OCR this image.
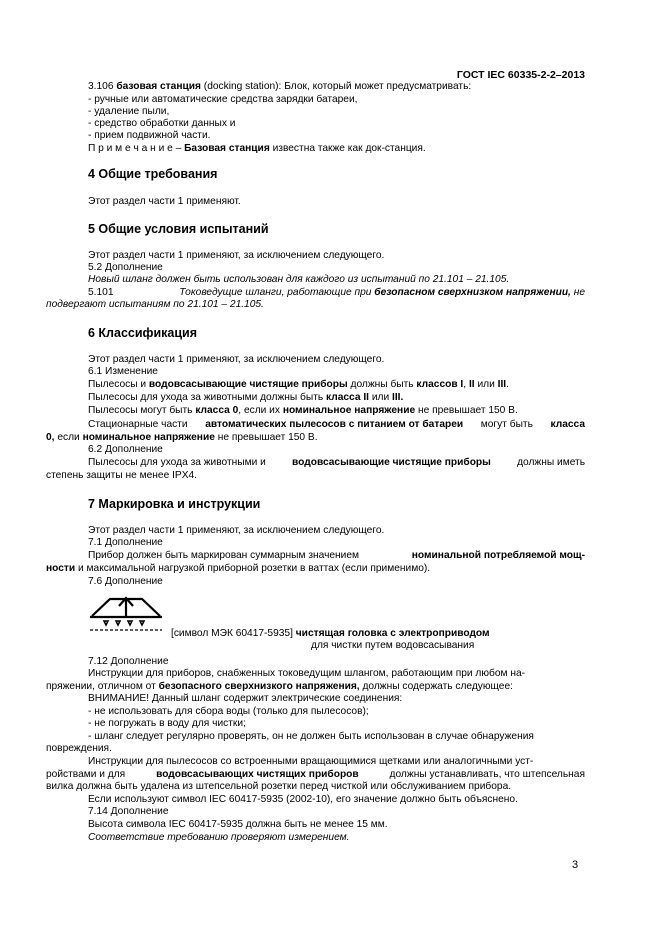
ГОСТ IEC 60335-2-2–2013
3.106 базовая станция (docking station): Блок, который может предусматривать:
- ручные или автоматические средства зарядки батареи,
- удаление пыли,
- средство обработки данных и
- прием подвижной части.
П р и м е ч а н и е – Базовая станция известна также как док-станция.
4 Общие требования
Этот раздел части 1 применяют.
5 Общие условия испытаний
Этот раздел части 1 применяют, за исключением следующего.
5.2 Дополнение
Новый шланг должен быть использован для каждого из испытаний по 21.101 – 21.105.
5.101	Токоведущие шланги, работающие при безопасном сверхнизком напряжении, не
подвергают испытаниям по 21.101 – 21.105.
6 Классификация
Этот раздел части 1 применяют, за исключением следующего.
6.1 Изменение
Пылесосы и водовсасывающие чистящие приборы должны быть классов I, II или III.
Пылесосы для ухода за животными должны быть класса II или III.
Пылесосы могут быть класса 0, если их номинальное напряжение не превышает 150 В.
Стационарные части автоматических пылесосов с питанием от батареи могут быть класса
0, если номинальное напряжение не превышает 150 В.
6.2 Дополнение
Пылесосы для ухода за животными и	водовсасывающие чистящие приборы	должны иметь
степень защиты не менее IPX4.
7 Маркировка и инструкции
Этот раздел части 1 применяют, за исключением следующего.
7.1 Дополнение
Прибор должен быть маркирован суммарным значением	номинальной потребляемой мощ-
ности и максимальной нагрузкой приборной розетки в ваттах (если применимо).
7.6 Дополнение
[символ МЭК 60417-5935] чистящая головка с электроприводом
для чистки путем водовсасывания
7.12 Дополнение
Инструкции для приборов, снабженных токоведущим шлангом, работающим при любом на-
пряжении, отличном от безопасного сверхнизкого напряжения, должны содержать следующее:
ВНИМАНИЕ! Данный шланг содержит электрические соединения:
- не использовать для сбора воды (только для пылесосов);
- не погружать в воду для чистки;
- шланг следует регулярно проверять, он не должен быть использован в случае обнаружения
повреждения.
Инструкции для пылесосов со встроенными вращающимися щетками или аналогичными уст-
ройствами и для	водовсасывающих чистящих приборов	должны устанавливать, что штепсельная
вилка должна быть удалена из штепсельной розетки перед чисткой или обслуживанием прибора.
Если используют символ IEC 60417-5935 (2002-10), его значение должно быть объяснено.
7.14 Дополнение
Высота символа IEC 60417-5935 должна быть не менее 15 мм.
Соответствие требованию проверяют измерением.
3
